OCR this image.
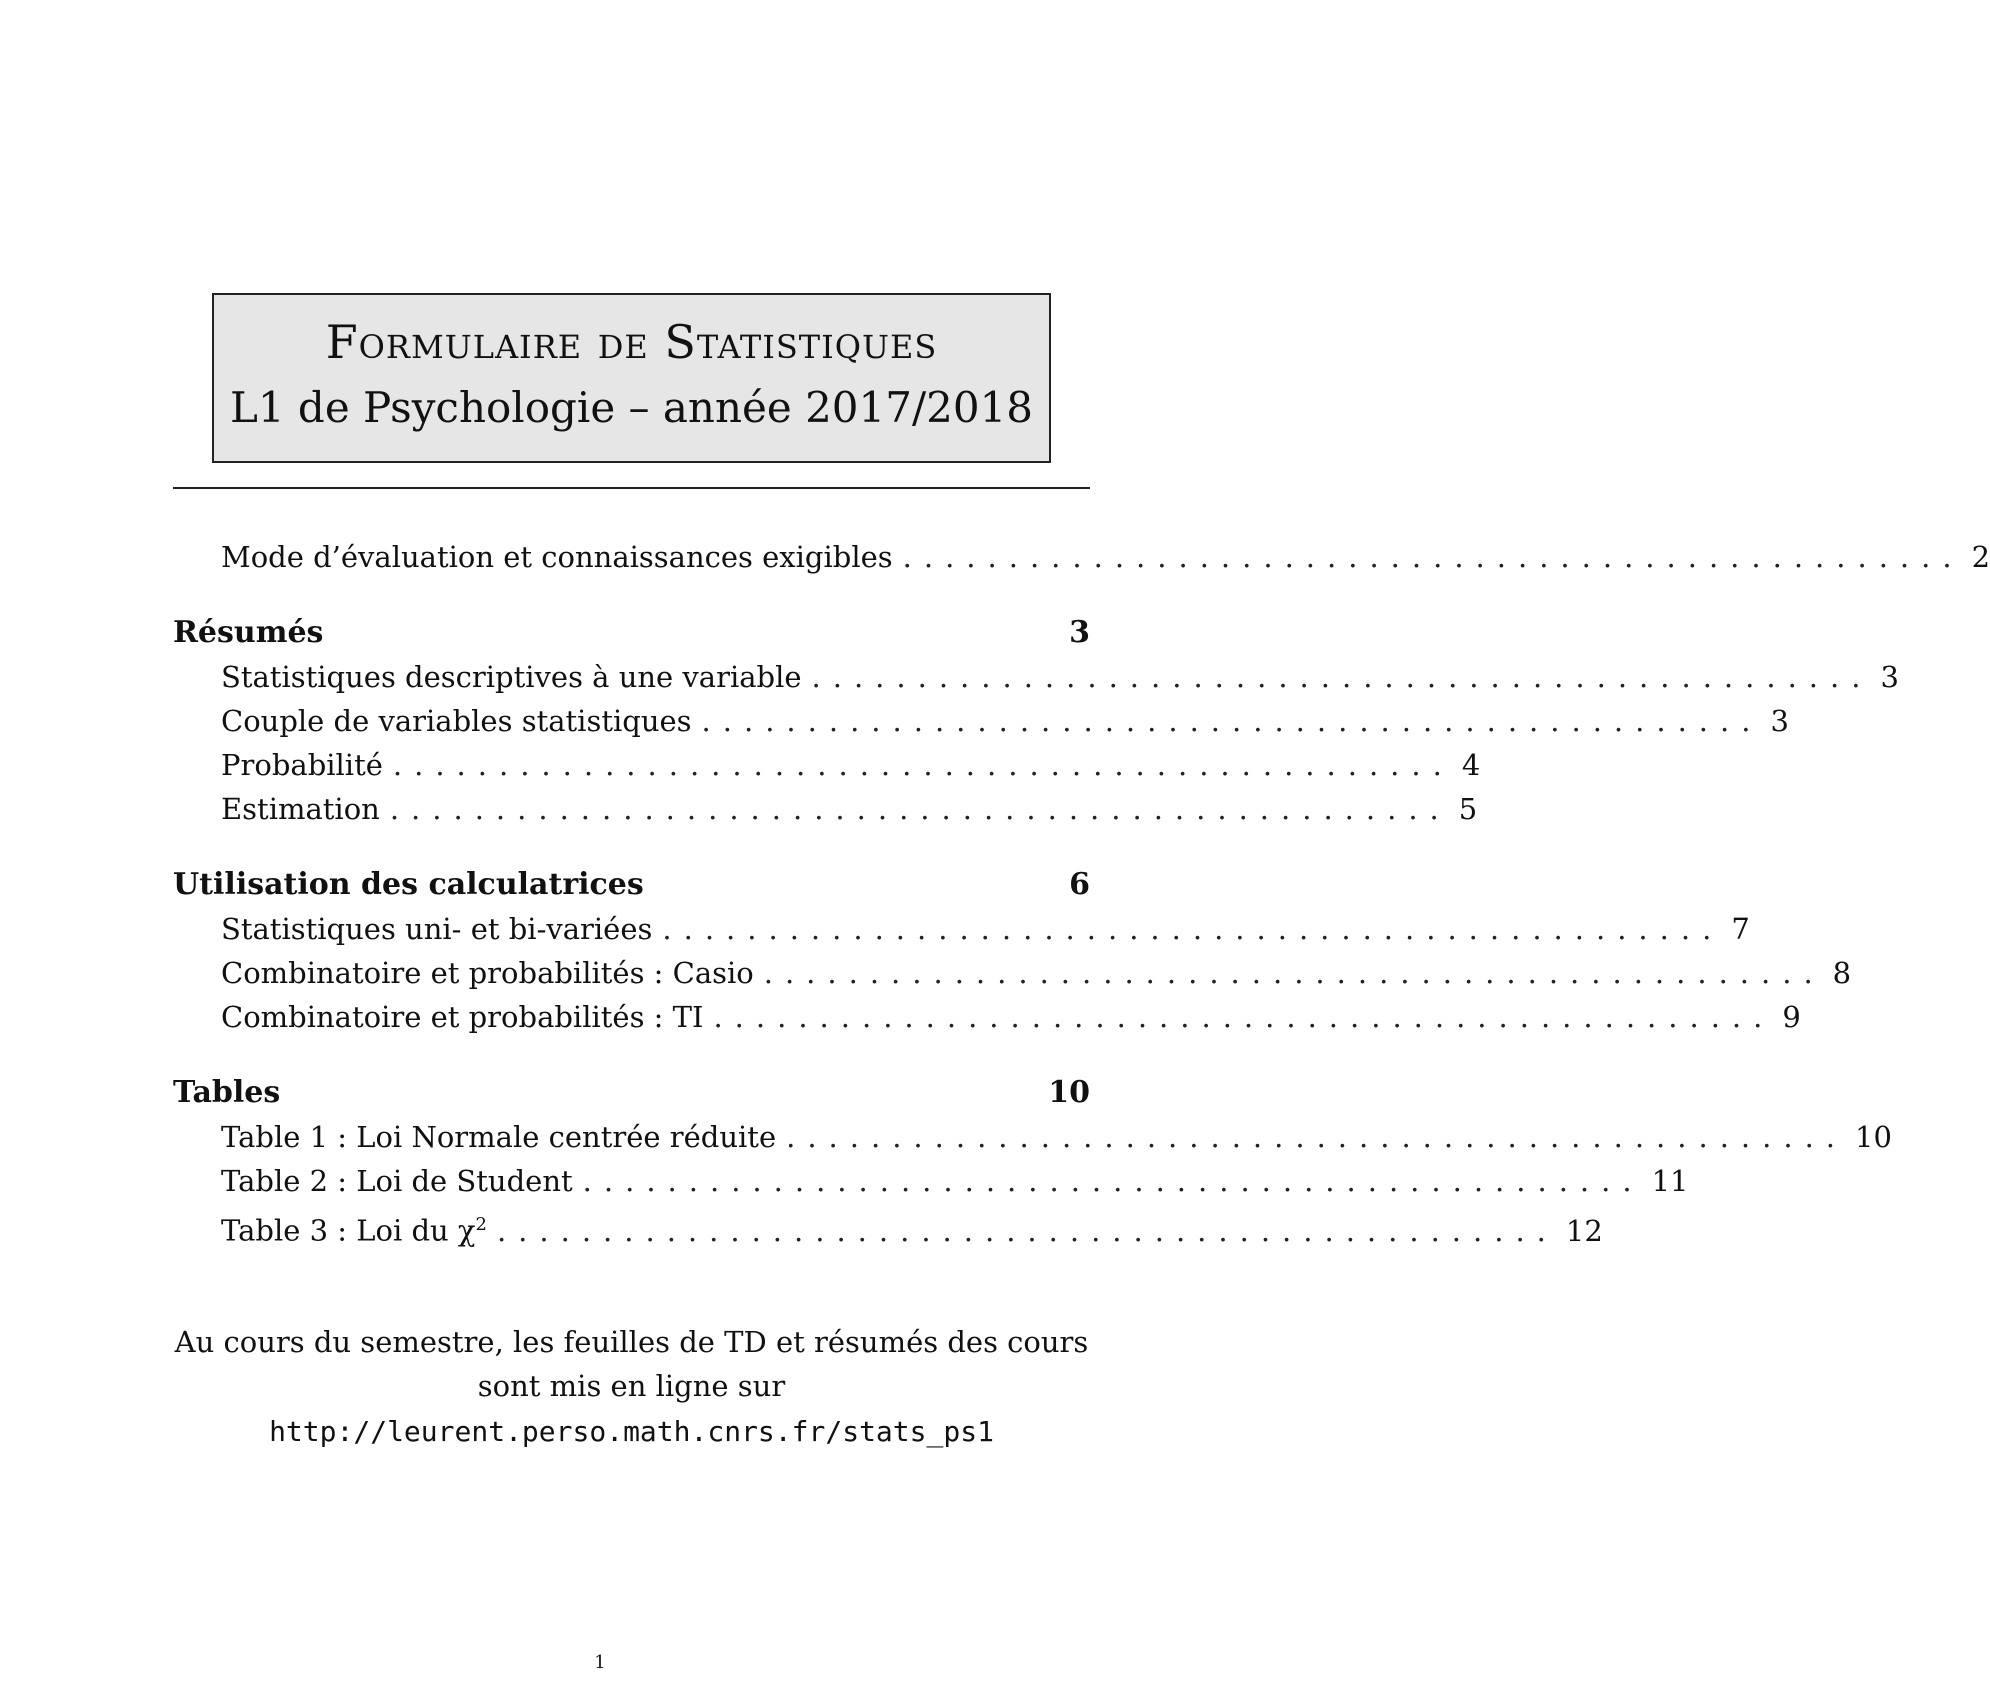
Formulaire de Statistiques
L1 de Psychologie – année 2017/2018
Mode d’évaluation et connaissances exigibles .................................................. 2
Résumés	3
Statistiques descriptives à une variable .................................................. 3
Couple de variables statistiques .................................................. 3
Probabilité .................................................. 4
Estimation .................................................. 5
Utilisation des calculatrices	6
Statistiques uni- et bi-variées .................................................. 7
Combinatoire et probabilités : Casio .................................................. 8
Combinatoire et probabilités : TI .................................................. 9
Tables	10
Table 1 : Loi Normale centrée réduite .................................................. 10
Table 2 : Loi de Student .................................................. 11
Table 3 : Loi du $\chi^2$ .................................................. 12
Au cours du semestre, les feuilles de TD et résumés des cours
sont mis en ligne sur
http://leurent.perso.math.cnrs.fr/stats_ps1
1
